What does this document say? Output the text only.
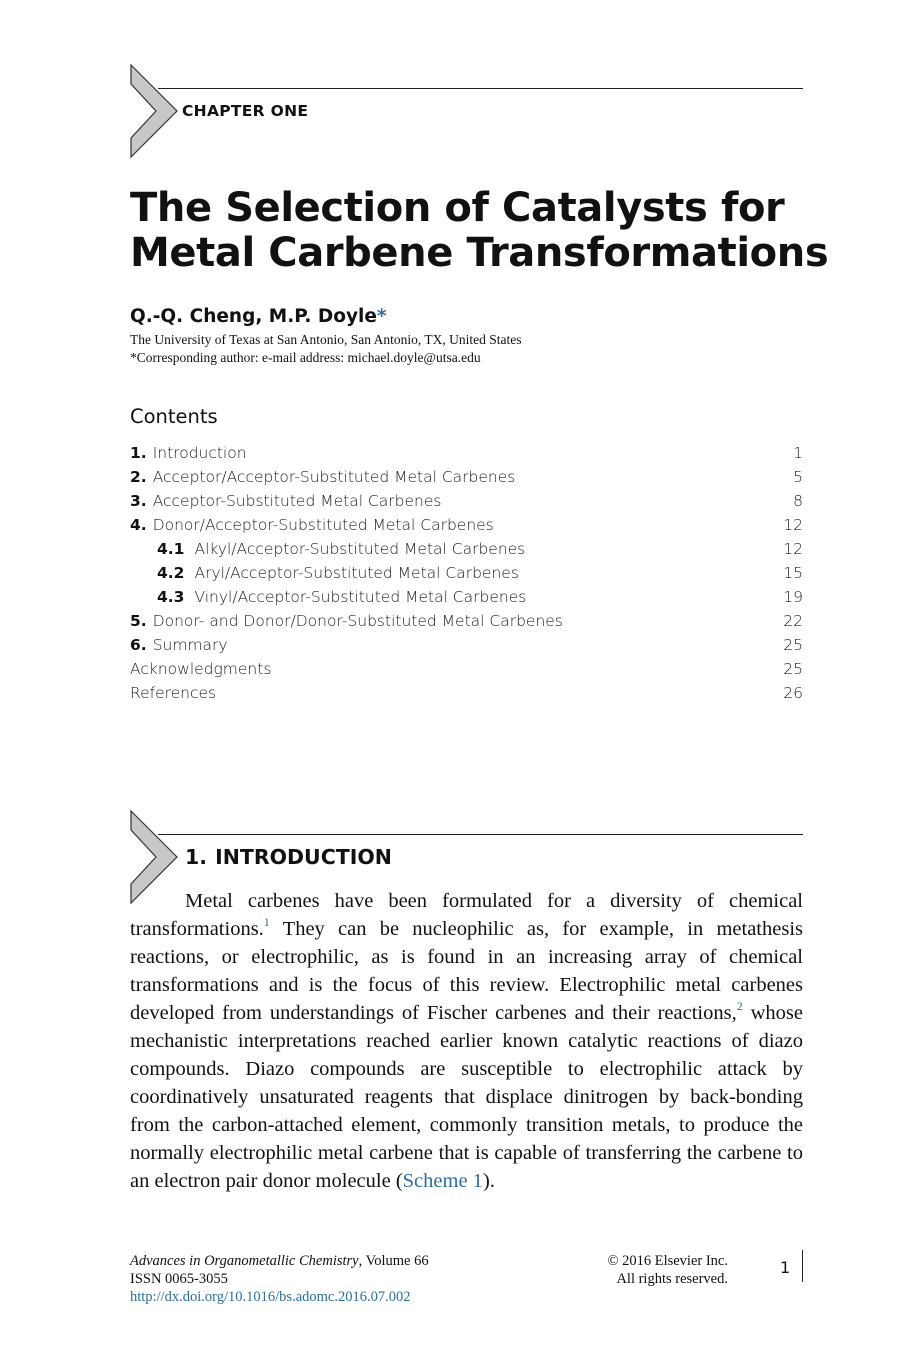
CHAPTER ONE
The Selection of Catalysts for
Metal Carbene Transformations
Q.-Q. Cheng, M.P. Doyle*
The University of Texas at San Antonio, San Antonio, TX, United States
*Corresponding author: e-mail address: michael.doyle@utsa.edu
Contents
1. Introduction	1
2. Acceptor/Acceptor-Substituted Metal Carbenes	5
3. Acceptor-Substituted Metal Carbenes	8
4. Donor/Acceptor-Substituted Metal Carbenes	12
4.1 Alkyl/Acceptor-Substituted Metal Carbenes	12
4.2 Aryl/Acceptor-Substituted Metal Carbenes	15
4.3 Vinyl/Acceptor-Substituted Metal Carbenes	19
5. Donor- and Donor/Donor-Substituted Metal Carbenes	22
6. Summary	25
Acknowledgments	25
References	26
1. INTRODUCTION

Metal carbenes have been formulated for a diversity of chemical transformations.$^1$ They can be nucleophilic as, for example, in metathesis reactions, or electrophilic, as is found in an increasing array of chemical transformations and is the focus of this review. Electrophilic metal carbenes developed from understandings of Fischer carbenes and their reactions,$^2$ whose mechanistic interpretations reached earlier known catalytic reactions of diazo compounds. Diazo compounds are susceptible to electrophilic attack by coordinatively unsaturated reagents that displace dinitrogen by back-bonding from the carbon-attached element, commonly transition metals, to produce the normally electrophilic metal carbene that is capable of transferring the carbene to an electron pair donor molecule (Scheme 1).

Advances in Organometallic Chemistry, Volume 66
ISSN 0065-3055
http://dx.doi.org/10.1016/bs.adomc.2016.07.002
© 2016 Elsevier Inc.
All rights reserved.
1
